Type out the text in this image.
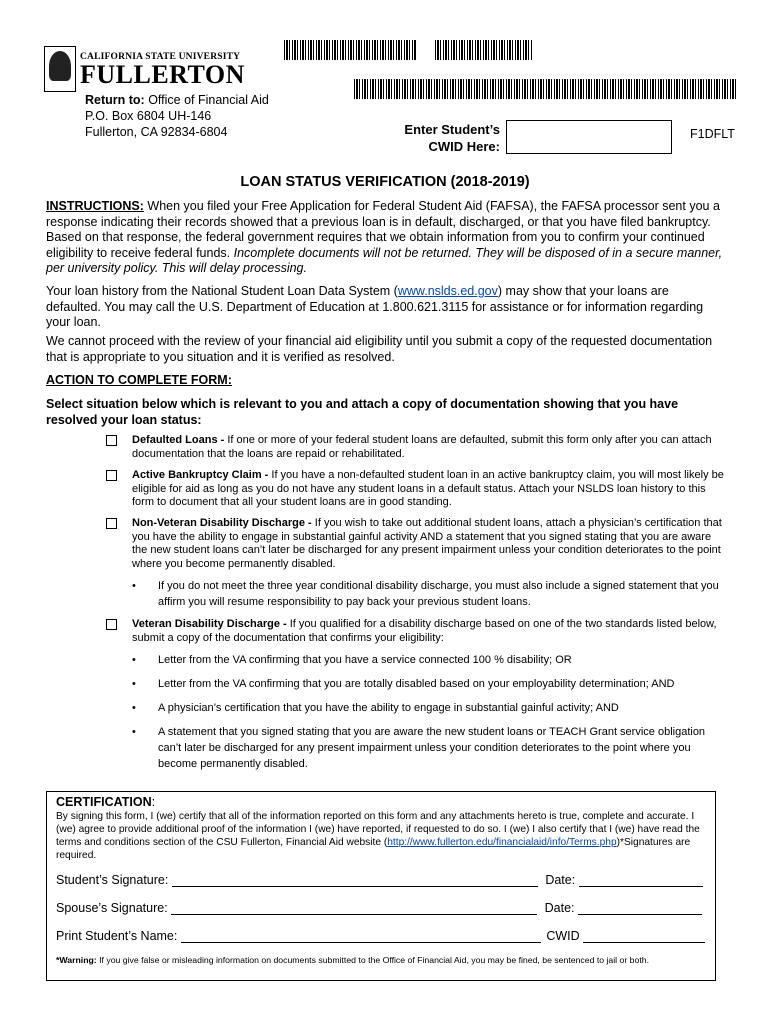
CALIFORNIA STATE UNIVERSITY
FULLERTON
Return to: Office of Financial Aid
P.O. Box 6804 UH-146
Fullerton, CA 92834-6804	Enter Student’s
CWID Here:
F1DFLT
LOAN STATUS VERIFICATION (2018-2019)
INSTRUCTIONS: When you filed your Free Application for Federal Student Aid (FAFSA), the FAFSA processor sent you a response indicating their records showed that a previous loan is in default, discharged, or that you have filed bankruptcy. Based on that response, the federal government requires that we obtain information from you to confirm your continued eligibility to receive federal funds. Incomplete documents will not be returned. They will be disposed of in a secure manner, per university policy. This will delay processing.
Your loan history from the National Student Loan Data System (www.nslds.ed.gov) may show that your loans are defaulted. You may call the U.S. Department of Education at 1.800.621.3115 for assistance or for information regarding your loan.
We cannot proceed with the review of your financial aid eligibility until you submit a copy of the requested documentation that is appropriate to you situation and it is verified as resolved.
ACTION TO COMPLETE FORM:
Select situation below which is relevant to you and attach a copy of documentation showing that you have resolved your loan status:
Defaulted Loans - If one or more of your federal student loans are defaulted, submit this form only after you can attach documentation that the loans are repaid or rehabilitated.
Active Bankruptcy Claim - If you have a non-defaulted student loan in an active bankruptcy claim, you will most likely be eligible for aid as long as you do not have any student loans in a default status. Attach your NSLDS loan history to this form to document that all your student loans are in good standing.
Non-Veteran Disability Discharge - If you wish to take out additional student loans, attach a physician’s certification that you have the ability to engage in substantial gainful activity AND a statement that you signed stating that you are aware the new student loans can’t later be discharged for any present impairment unless your condition deteriorates to the point where you become permanently disabled.
• If you do not meet the three year conditional disability discharge, you must also include a signed statement that you affirm you will resume responsibility to pay back your previous student loans.
Veteran Disability Discharge - If you qualified for a disability discharge based on one of the two standards listed below, submit a copy of the documentation that confirms your eligibility:
• Letter from the VA confirming that you have a service connected 100 % disability; OR
• Letter from the VA confirming that you are totally disabled based on your employability determination; AND
• A physician’s certification that you have the ability to engage in substantial gainful activity; AND
• A statement that you signed stating that you are aware the new student loans or TEACH Grant service obligation can’t later be discharged for any present impairment unless your condition deteriorates to the point where you become permanently disabled.
CERTIFICATION:
By signing this form, I (we) certify that all of the information reported on this form and any attachments hereto is true, complete and accurate. I (we) agree to provide additional proof of the information I (we) have reported, if requested to do so. I (we) I also certify that I (we) have read the terms and conditions section of the CSU Fullerton, Financial Aid website (http://www.fullerton.edu/financialaid/info/Terms.php)*Signatures are required.
Student’s Signature:	Date:
Spouse’s Signature:	Date:
Print Student’s Name:	CWID
*Warning: If you give false or misleading information on documents submitted to the Office of Financial Aid, you may be fined, be sentenced to jail or both.
